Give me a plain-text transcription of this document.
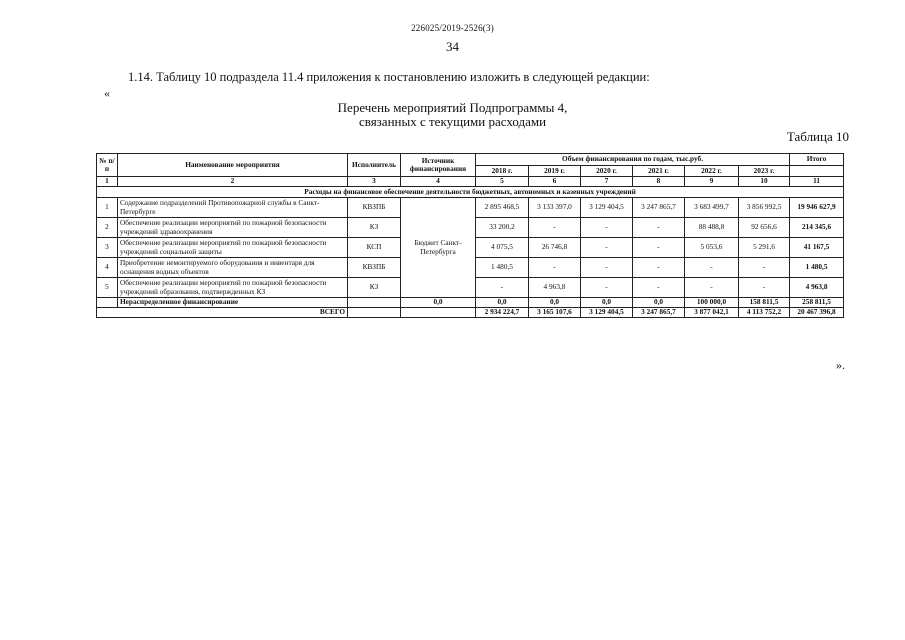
226025/2019-2526(3)
34
1.14. Таблицу 10 подраздела 11.4 приложения к постановлению изложить в следующей редакции:
«
Перечень мероприятий Подпрограммы 4,
связанных с текущими расходами
Таблица 10
№ п/п	Наименование мероприятия	Исполнитель	Источник финансирования	Объем финансирования по годам, тыс.руб.						Итого
				2018 г.	2019 г.	2020 г.	2021 г.	2022 г.	2023 г.	
1	2	3	4	5	6	7	8	9	10	11
Расходы на финансовое обеспечение деятельности бюджетных, автономных и казенных учреждений										
1	Содержание подразделений Противопожарной службы в Санкт-Петербурге	КВЗПБ	Бюджет Санкт-Петербурга	2 895 468,5	3 133 397,0	3 129 404,5	3 247 865,7	3 683 499,7	3 856 992,5	19 946 627,9
2	Обеспечение реализации мероприятий по пожарной безопасности учреждений здравоохранения	КЗ		33 200,2	-	-	-	88 488,8	92 656,6	214 345,6
3	Обеспечение реализации мероприятий по пожарной безопасности учреждений социальной защиты	КСП		4 075,5	26 746,8	-	-	5 053,6	5 291,6	41 167,5
4	Приобретение немонтируемого оборудования и инвентаря для оснащения водных объектов	КВЗПБ		1 480,5	-	-	-	-	-	1 480,5
5	Обеспечение реализации мероприятий по пожарной безопасности учреждений образования, подтвержденных КЗ	КЗ		-	4 963,8	-	-	-	-	4 963,8
	Нераспределенное финансирование		0,0	0,0	0,0	0,0	0,0	100 000,0	158 811,5	258 811,5
ВСЕГО				2 934 224,7	3 165 107,6	3 129 404,5	3 247 865,7	3 877 042,1	4 113 752,2	20 467 396,8
».
